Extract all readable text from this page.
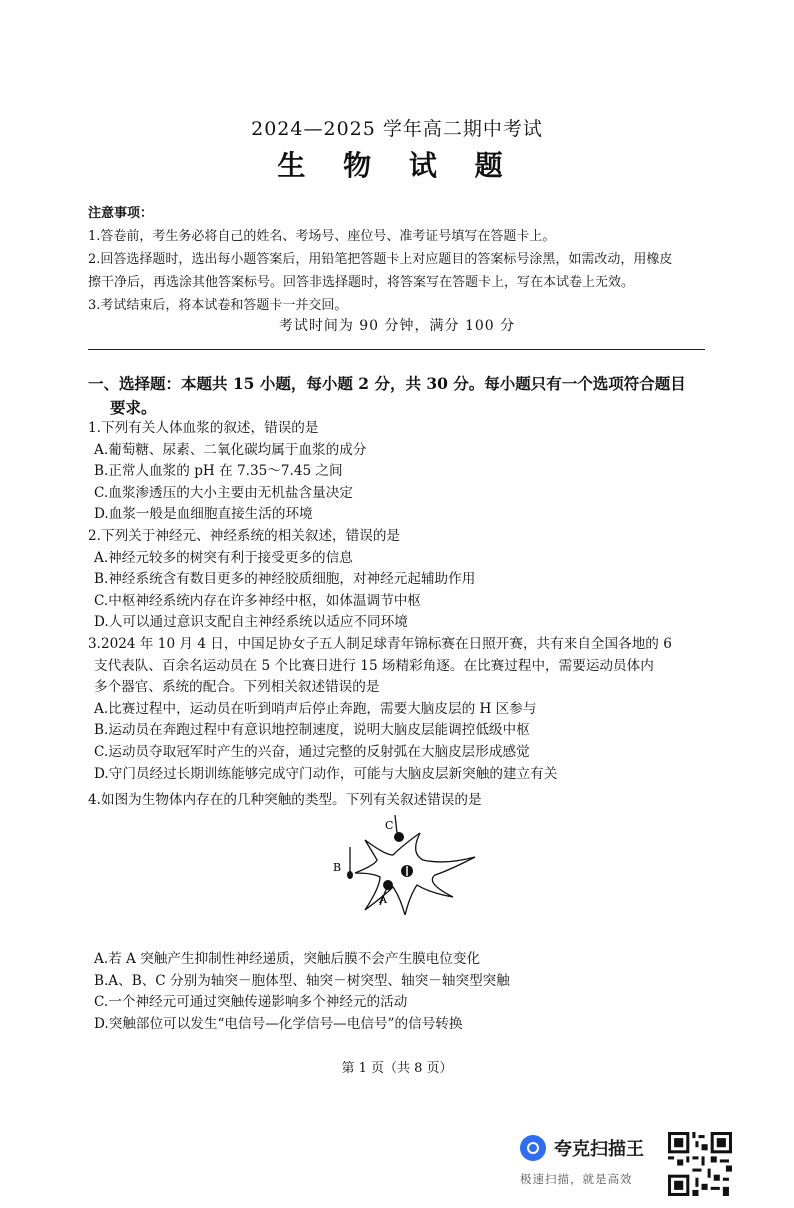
2024—2025 学年高二期中考试
生 物 试 题
注意事项：
1.答卷前，考生务必将自己的姓名、考场号、座位号、准考证号填写在答题卡上。
2.回答选择题时，选出每小题答案后，用铅笔把答题卡上对应题目的答案标号涂黑，如需改动，用橡皮
擦干净后，再选涂其他答案标号。回答非选择题时，将答案写在答题卡上，写在本试卷上无效。
3.考试结束后，将本试卷和答题卡一并交回。
考试时间为 90 分钟，满分 100 分
一、选择题：本题共 15 小题，每小题 2 分，共 30 分。每小题只有一个选项符合题目
要求。
1.下列有关人体血浆的叙述，错误的是
A.葡萄糖、尿素、二氧化碳均属于血浆的成分
B.正常人血浆的 pH 在 7.35～7.45 之间
C.血浆渗透压的大小主要由无机盐含量决定
D.血浆一般是血细胞直接生活的环境
2.下列关于神经元、神经系统的相关叙述，错误的是
A.神经元较多的树突有利于接受更多的信息
B.神经系统含有数目更多的神经胶质细胞，对神经元起辅助作用
C.中枢神经系统内存在许多神经中枢，如体温调节中枢
D.人可以通过意识支配自主神经系统以适应不同环境
3.2024 年 10 月 4 日，中国足协女子五人制足球青年锦标赛在日照开赛，共有来自全国各地的 6
支代表队、百余名运动员在 5 个比赛日进行 15 场精彩角逐。在比赛过程中，需要运动员体内
多个器官、系统的配合。下列相关叙述错误的是
A.比赛过程中，运动员在听到哨声后停止奔跑，需要大脑皮层的 H 区参与
B.运动员在奔跑过程中有意识地控制速度，说明大脑皮层能调控低级中枢
C.运动员夺取冠军时产生的兴奋，通过完整的反射弧在大脑皮层形成感觉
D.守门员经过长期训练能够完成守门动作，可能与大脑皮层新突触的建立有关
4.如图为生物体内存在的几种突触的类型。下列有关叙述错误的是
C
B
A
A.若 A 突触产生抑制性神经递质，突触后膜不会产生膜电位变化
B.A、B、C 分别为轴突－胞体型、轴突－树突型、轴突－轴突型突触
C.一个神经元可通过突触传递影响多个神经元的活动
D.突触部位可以发生“电信号—化学信号—电信号”的信号转换
第 1 页（共 8 页）
夸克扫描王
极速扫描，就是高效
